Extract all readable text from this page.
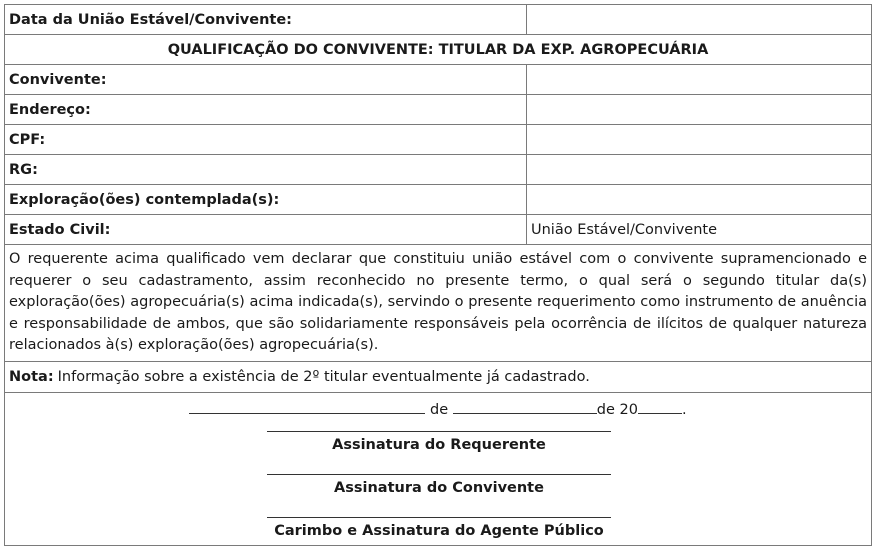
Data da União Estável/Convivente:
QUALIFICAÇÃO DO CONVIVENTE: TITULAR DA EXP. AGROPECUÁRIA
Convivente:
Endereço:
CPF:
RG:
Exploração(ões) contemplada(s):
Estado Civil:	União Estável/Convivente
O requerente acima qualificado vem declarar que constituiu união estável com o convivente supramencionado e requerer o seu cadastramento, assim reconhecido no presente termo, o qual será o segundo titular da(s) exploração(ões) agropecuária(s) acima indicada(s), servindo o presente requerimento como instrumento de anuência e responsabilidade de ambos, que são solidariamente responsáveis pela ocorrência de ilícitos de qualquer natureza relacionados à(s) exploração(ões) agropecuária(s).
Nota: Informação sobre a existência de 2º titular eventualmente já cadastrado.
de	de 20	.
Assinatura do Requerente
Assinatura do Convivente
Carimbo e Assinatura do Agente Público
